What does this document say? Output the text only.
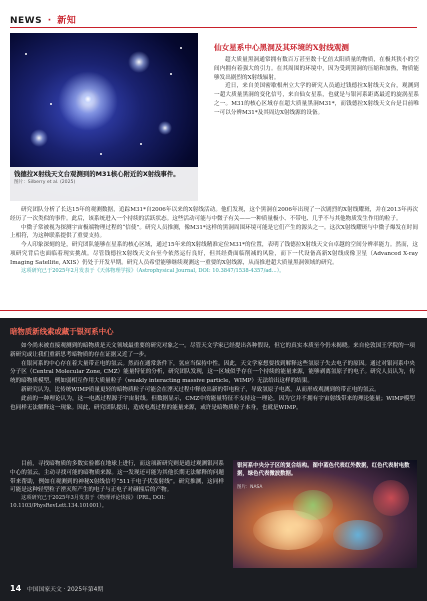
NEWS · 新知
钱德拉X射线天文台观测到的M31核心附近的X射线事件。
图片：Silberry et al. (2025)
仙女星系中心黑洞及其环境的X射线观测

超大质量黑洞通常拥有数百万甚至数十亿倍太阳质量的物质，在极其狭小的空间内拥有着强大的引力。在其周围的环境中，因为受到黑洞的压缩和加热，物质能够发出剧烈的X射线辐射。

近日，来自美国密歇根州立大学的研究人员通过钱德拉X射线天文台，观测到一超大质量黑洞的变化信号，来自仙女星系，也就是与银河系距离最近的旋涡星系之一。M31的核心区域存在超大质量黑洞M31*，而钱德拉X射线天文台是目前唯一可以分辨M31*及其周边X射线源的设备。

研究团队分析了长达15年的观测数据，追踪M31*自2006年以来的X射线活动。他们发现，这个黑洞在2006年出现了一次剧烈的X射线耀斑，并在2013年再次经历了一次类似的事件。此后，该系统进入一个持续的活跃状态。这些活动可能与中微子有关——一种质量极小、不带电、几乎不与其他物质发生作用的粒子。

中微子常被视为探测宇宙极端物理过程的“信使”。研究人员推测，像M31*这样的黑洞周围环境可能是它们产生的源头之一。这次X射线耀斑与中微子爆发在时间上相符，为这种联系提供了重要支持。

今人印象深刻的是，研究团队能够在星系的核心区域，通过15年来的X射线精准定位M31*的位置，表明了钱德拉X射线天文台卓越的空间分辨率能力。然而，这项研究背后也面临着现实挑战。尽管钱德拉X射线天文台至今依然运行良好，但其经费面临削减的风险，而下一代设备高新X射线成像卫星（Advanced X-ray Imaging Satellite, AXIS）仍处于开发早期。研究人员希望能够继续观测这一重要的X射线源，从而推进超大质量黑洞领域的研究。

这项研究已于2025年2月发表于《天体物理学报》（Astrophysical Journal, DOI: 10.3847/1538-4357/ad...）。

暗物质新线索或藏于银河系中心

如今尚未被直接观测到的暗物质是天文领域最重要的研究对象之一。尽管天文学家已经提出各种假设，但它的真实本质至今仍未揭晓。来自伦敦国王学院的一项新研究或让我们重新思考暗物质的存在证据又近了一步。

在银河系的中心存在着大量带正电的氢云。然而在通常条件下，氢应当保持中性。因此，天文学家想要找到解释这些氢原子失去电子的原因。通过对银河系中央分子区（Central Molecular Zone, CMZ）能量特征的分析，研究团队发现，这一区域似乎存在一个持续的能量来源，能够剥离氢原子的电子。研究人员认为，传统的暗物质模型，例如弱相互作用大质量粒子（weakly interacting massive particle，WIMP）无法给出这样的结果。

新研究认为，比传统WIMP质量更轻的暗物质粒子可能会在湮灭过程中释放出新的带电粒子，导致氢原子电离，从而形成观测到的带正电的氢云。

此前的一种理论认为，这一电离过程源于宇宙射线。但数据显示，CMZ中的能量特征不支持这一理论，因为它并不拥有宇宙射线带来的理论能量；WIMP模型也同样无法解释这一现象。因此，研究团队提出，造成电离过程的能量来源，或许是暗物质粒子本身，也就是WIMP。

目前，寻找暗物质的多数实验都在地球上进行，而这项新研究则是通过观测银河系中心的氢云，主动寻找可能的暗物质来源。这一发现还可能为其他长期无法解释的问题带来帮助，例如在观测到的神秘X射线信号“511千电子伏发射线”。研究推测，这同样可能是这种轻型粒子湮灭所产生的电子与正电子对碰撞后的产物。

这项研究已于2025年3月发表于《物理评论快报》（PRL, DOI: 10.1103/PhysRevLett.134.101001）。

银河系中央分子区的复合结构。图中蓝色代表红外数据，红色代表射电数据，绿色代表微波数据。
图片：NASA
14 中国国家天文 · 2025年第4期
